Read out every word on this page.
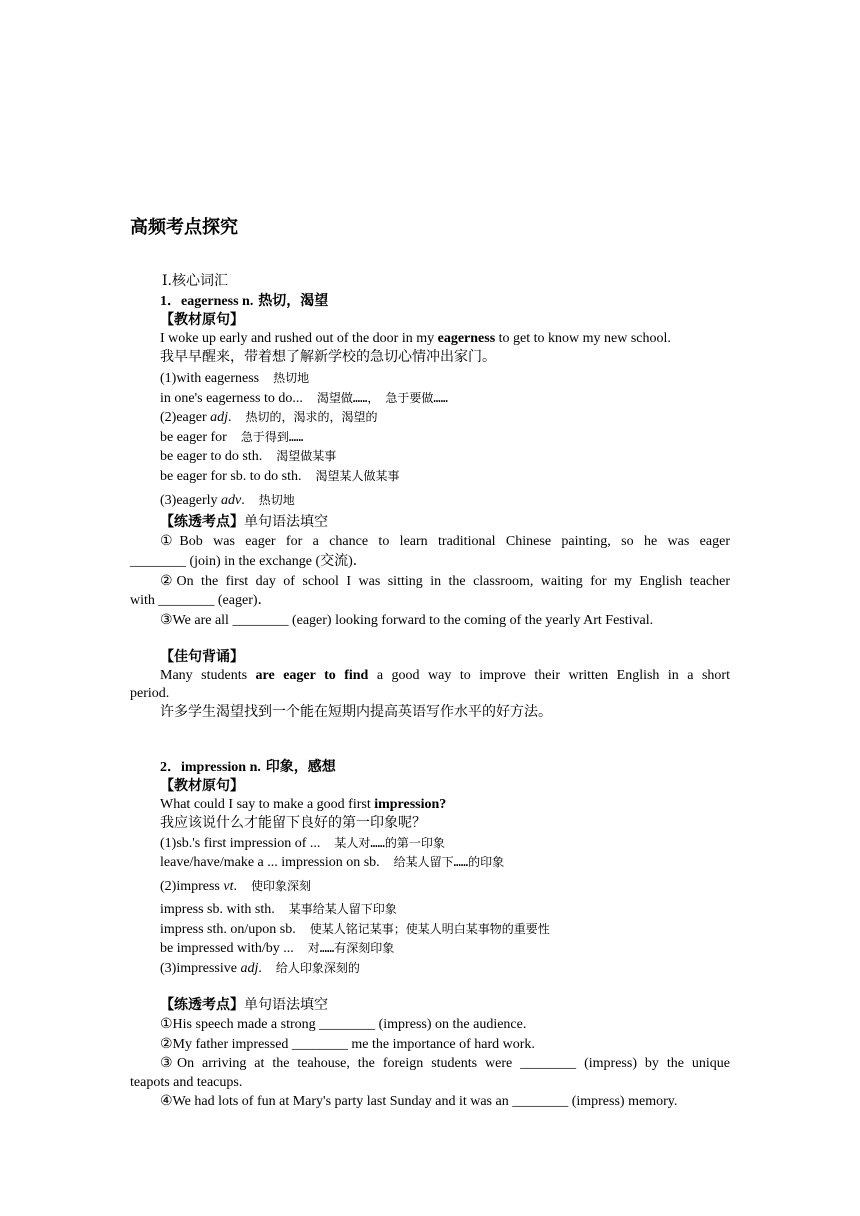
高频考点探究
Ⅰ.核心词汇
1．eagerness n. 热切，渴望
【教材原句】
I woke up early and rushed out of the door in my eagerness to get to know my new school.
我早早醒来，带着想了解新学校的急切心情冲出家门。
(1)with eagerness 热切地
in one's eagerness to do... 渴望做……，　急于要做……
(2)eager adj. 热切的，渴求的，渴望的
be eager for 急于得到……
be eager to do sth. 渴望做某事
be eager for sb. to do sth. 渴望某人做某事
(3)eagerly adv. 热切地
【练透考点】单句语法填空
①Bob was eager for a chance to learn traditional Chinese painting, so he was eager
________ (join) in the exchange (交流)．
②On the first day of school I was sitting in the classroom, waiting for my English teacher
with ________ (eager)．
③We are all ________ (eager) looking forward to the coming of the yearly Art Festival.
【佳句背诵】
Many students are eager to find a good way to improve their written English in a short
period.
许多学生渴望找到一个能在短期内提高英语写作水平的好方法。
2．impression n. 印象，感想
【教材原句】
What could I say to make a good first impression?
我应该说什么才能留下良好的第一印象呢？
(1)sb.'s first impression of ... 某人对……的第一印象
leave/have/make a ... impression on sb. 给某人留下……的印象
(2)impress vt. 使印象深刻
impress sb. with sth. 某事给某人留下印象
impress sth. on/upon sb. 使某人铭记某事；使某人明白某事物的重要性
be impressed with/by ... 对……有深刻印象
(3)impressive adj. 给人印象深刻的
【练透考点】单句语法填空
①His speech made a strong ________ (impress) on the audience.
②My father impressed ________ me the importance of hard work.
③On arriving at the teahouse, the foreign students were ________ (impress) by the unique
teapots and teacups.
④We had lots of fun at Mary's party last Sunday and it was an ________ (impress) memory.
